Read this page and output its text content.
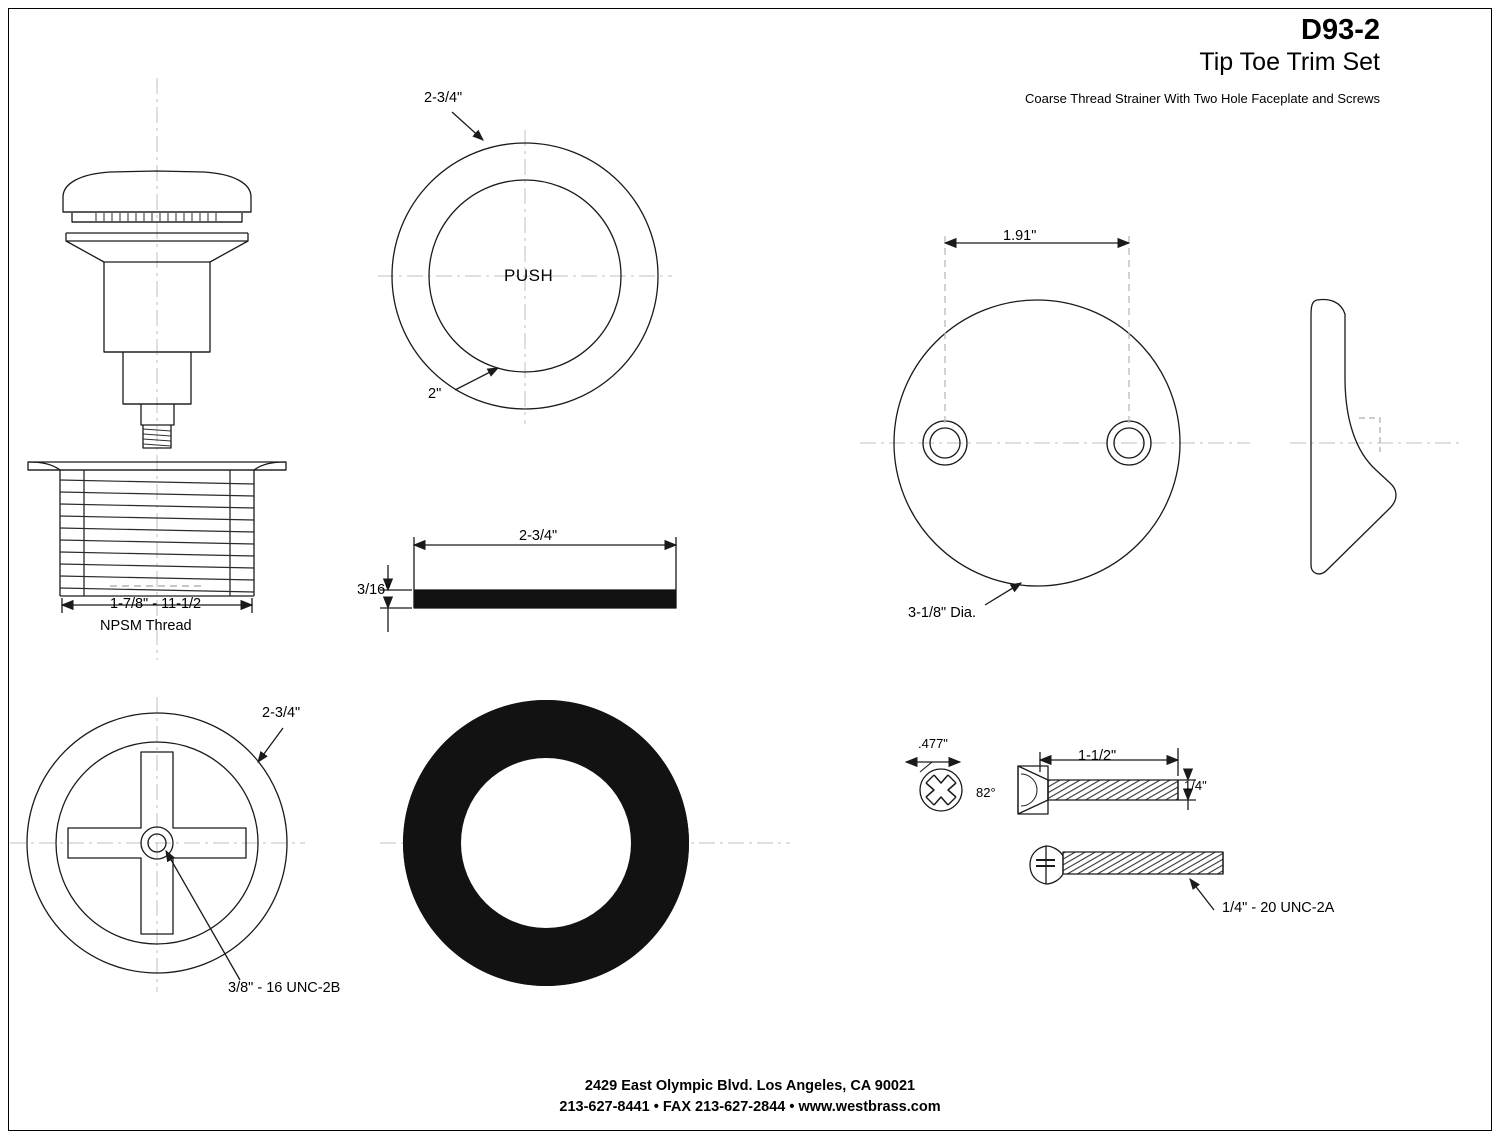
D93-2
Tip Toe Trim Set
Coarse Thread Strainer With Two Hole Faceplate and Screws
2-3/4"
2"
PUSH
1-7/8" - 11-1/2
NPSM Thread
2-3/4"
3/16"
2-3/4"
3/8" - 16 UNC-2B
1.91"
3-1/8" Dia.
.477"
1-1/2"
1/4"
82°
1/4" - 20 UNC-2A
2429 East Olympic Blvd. Los Angeles, CA 90021
213-627-8441 • FAX 213-627-2844 • www.westbrass.com
